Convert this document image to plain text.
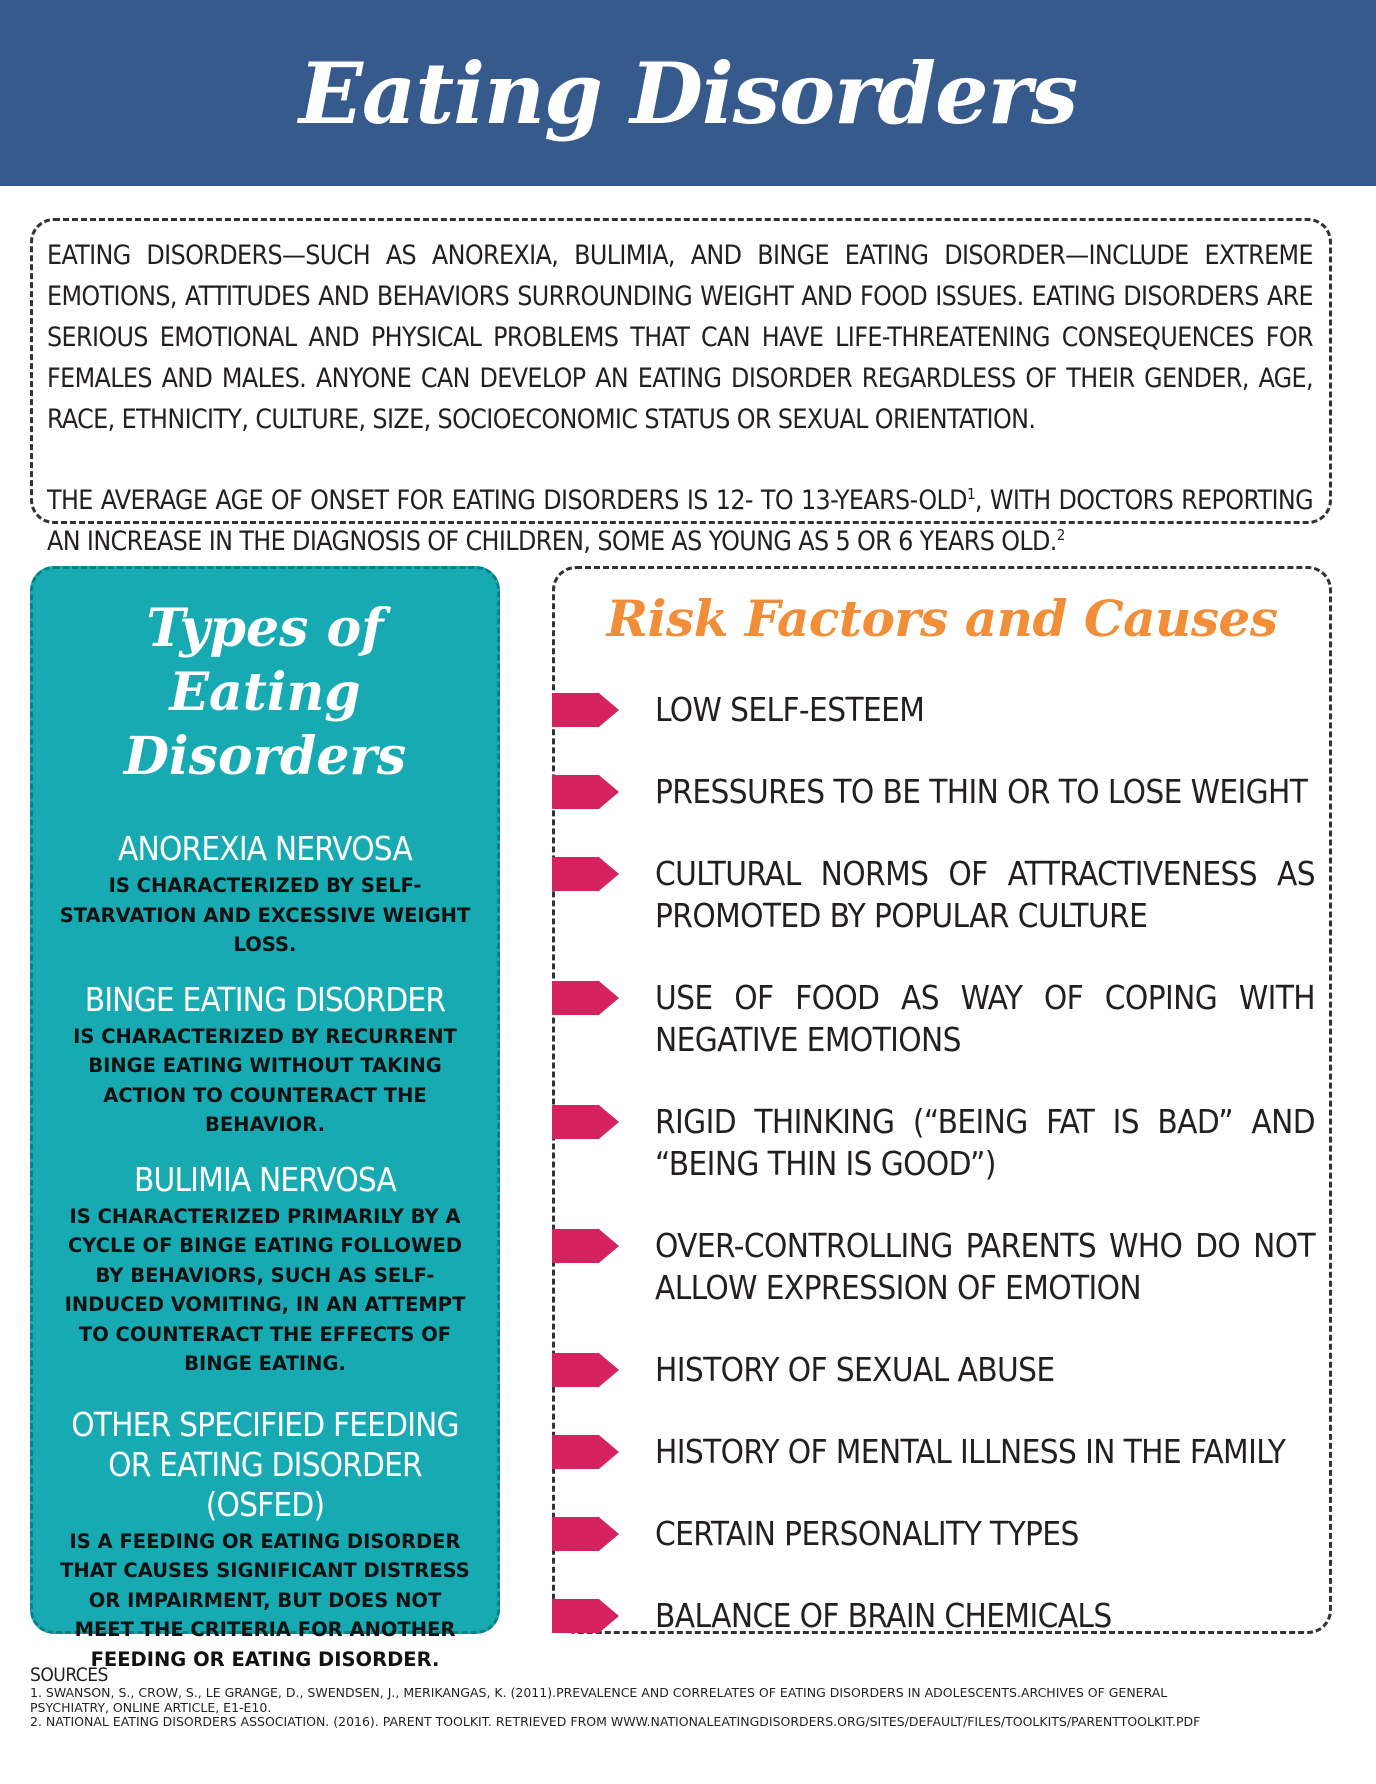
Eating Disorders

EATING DISORDERS—SUCH AS ANOREXIA, BULIMIA, AND BINGE EATING DISORDER—INCLUDE EXTREME EMOTIONS, ATTITUDES AND BEHAVIORS SURROUNDING WEIGHT AND FOOD ISSUES. EATING DISORDERS ARE SERIOUS EMOTIONAL AND PHYSICAL PROBLEMS THAT CAN HAVE LIFE-THREATENING CONSEQUENCES FOR FEMALES AND MALES. ANYONE CAN DEVELOP AN EATING DISORDER REGARDLESS OF THEIR GENDER, AGE, RACE, ETHNICITY, CULTURE, SIZE, SOCIOECONOMIC STATUS OR SEXUAL ORIENTATION.

THE AVERAGE AGE OF ONSET FOR EATING DISORDERS IS 12- TO 13-YEARS-OLD$^1$, WITH DOCTORS REPORTING AN INCREASE IN THE DIAGNOSIS OF CHILDREN, SOME AS YOUNG AS 5 OR 6 YEARS OLD.$^2$

Types of
Eating Disorders
ANOREXIA NERVOSA
IS CHARACTERIZED BY SELF-STARVATION AND EXCESSIVE WEIGHT LOSS.
BINGE EATING DISORDER
IS CHARACTERIZED BY RECURRENT BINGE EATING WITHOUT TAKING ACTION TO COUNTERACT THE BEHAVIOR.
BULIMIA NERVOSA
IS CHARACTERIZED PRIMARILY BY A CYCLE OF BINGE EATING FOLLOWED BY BEHAVIORS, SUCH AS SELF-INDUCED VOMITING, IN AN ATTEMPT TO COUNTERACT THE EFFECTS OF BINGE EATING.
OTHER SPECIFIED FEEDING OR EATING DISORDER (OSFED)
IS A FEEDING OR EATING DISORDER THAT CAUSES SIGNIFICANT DISTRESS OR IMPAIRMENT, BUT DOES NOT MEET THE CRITERIA FOR ANOTHER FEEDING OR EATING DISORDER.
Risk Factors and Causes
LOW SELF-ESTEEM
PRESSURES TO BE THIN OR TO LOSE WEIGHT
CULTURAL NORMS OF ATTRACTIVENESS AS PROMOTED BY POPULAR CULTURE
USE OF FOOD AS WAY OF COPING WITH NEGATIVE EMOTIONS
RIGID THINKING (“BEING FAT IS BAD” AND “BEING THIN IS GOOD”)
OVER-CONTROLLING PARENTS WHO DO NOT ALLOW EXPRESSION OF EMOTION
HISTORY OF SEXUAL ABUSE
HISTORY OF MENTAL ILLNESS IN THE FAMILY
CERTAIN PERSONALITY TYPES
BALANCE OF BRAIN CHEMICALS
SOURCES
1. SWANSON, S., CROW, S., LE GRANGE, D., SWENDSEN, J., MERIKANGAS, K. (2011).PREVALENCE AND CORRELATES OF EATING DISORDERS IN ADOLESCENTS.ARCHIVES OF GENERAL
PSYCHIATRY, ONLINE ARTICLE, E1-E10.
2. NATIONAL EATING DISORDERS ASSOCIATION. (2016). PARENT TOOLKIT. RETRIEVED FROM WWW.NATIONALEATINGDISORDERS.ORG/SITES/DEFAULT/FILES/TOOLKITS/PARENTTOOLKIT.PDF
